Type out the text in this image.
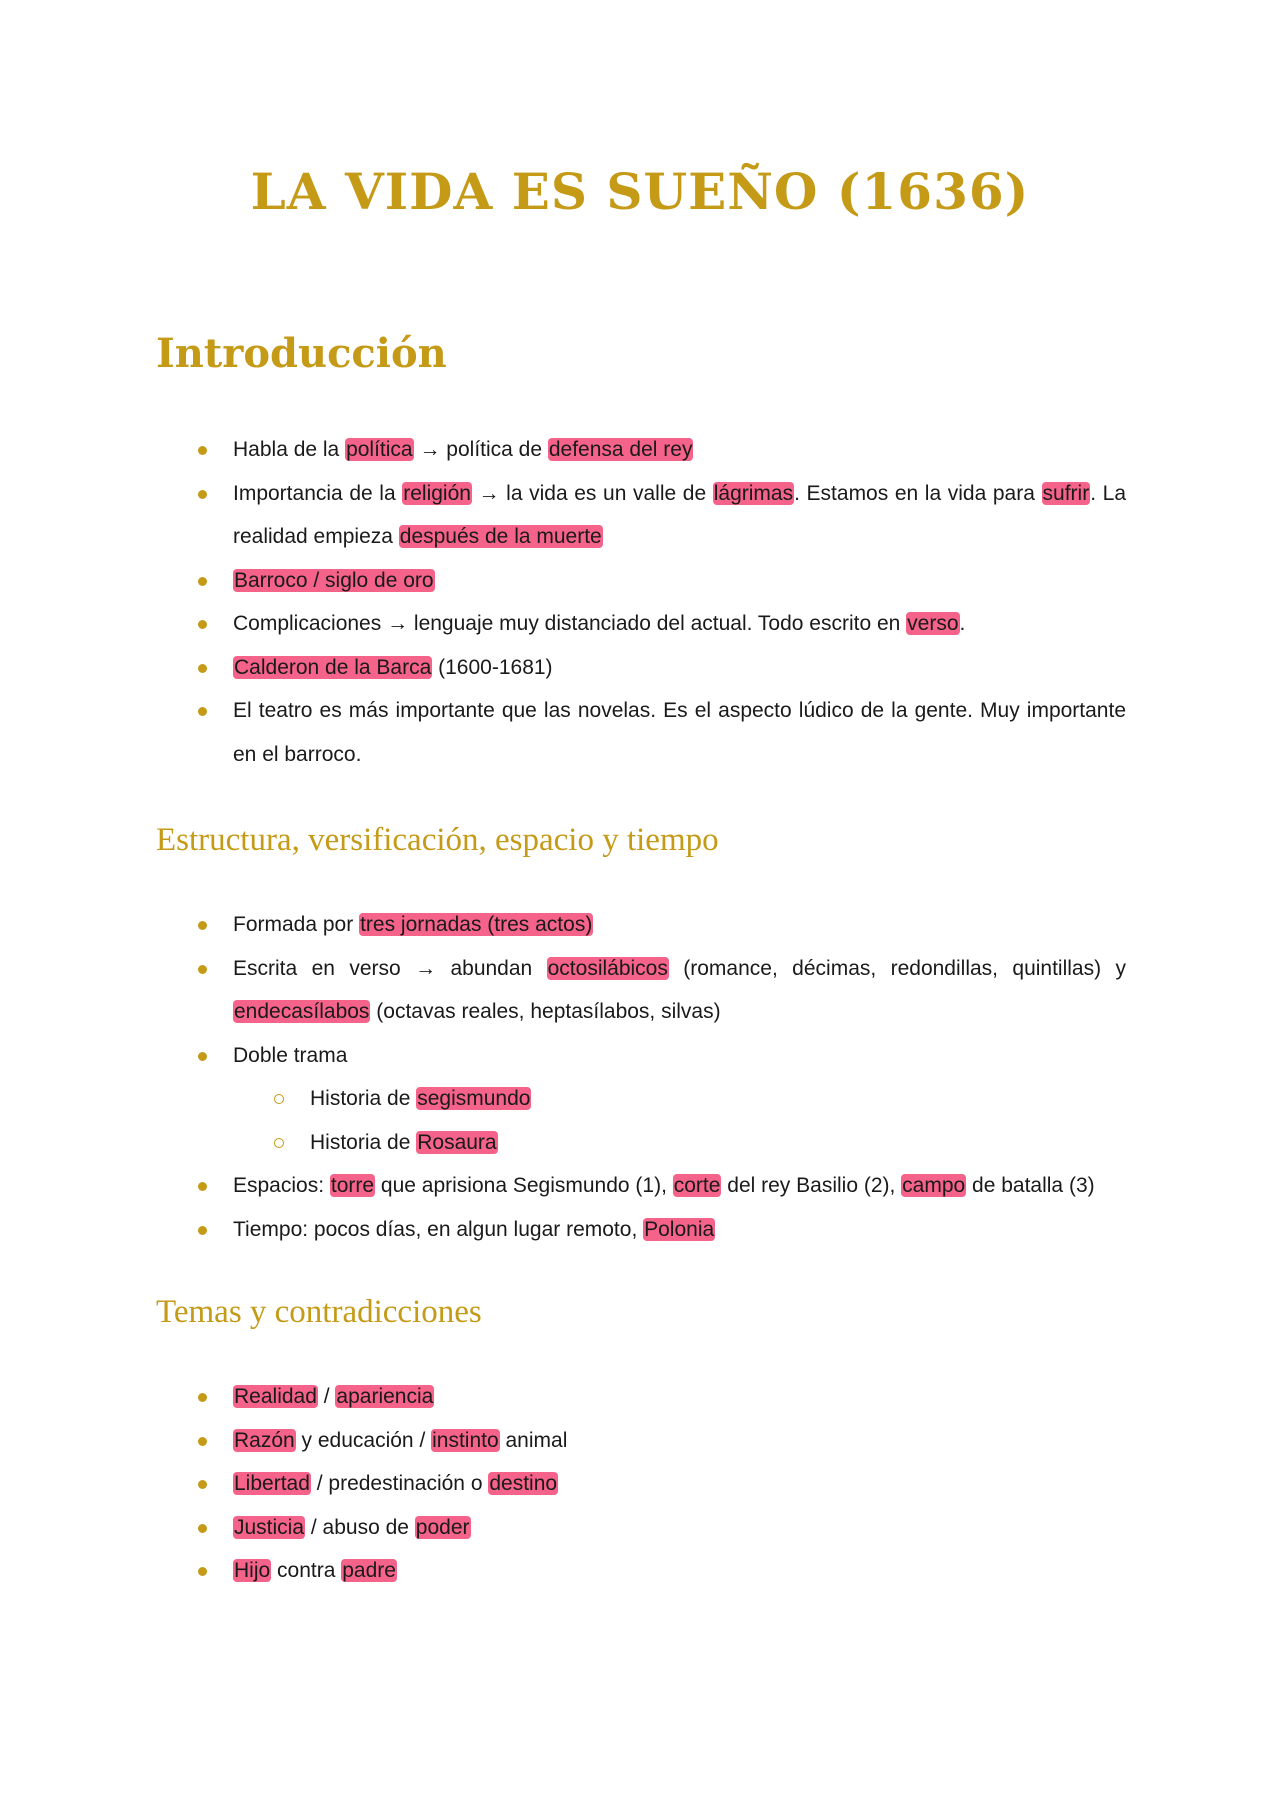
LA VIDA ES SUEÑO (1636)
Introducción
Habla de la política → política de defensa del rey
Importancia de la religión → la vida es un valle de lágrimas. Estamos en la vida para sufrir. La realidad empieza después de la muerte
Barroco / siglo de oro
Complicaciones → lenguaje muy distanciado del actual. Todo escrito en verso.
Calderon de la Barca (1600-1681)
El teatro es más importante que las novelas. Es el aspecto lúdico de la gente. Muy importante en el barroco.
Estructura, versificación, espacio y tiempo
Formada por tres jornadas (tres actos)
Escrita en verso → abundan octosilábicos (romance, décimas, redondillas, quintillas) y endecasílabos (octavas reales, heptasílabos, silvas)
Doble trama
Historia de segismundo
Historia de Rosaura
Espacios: torre que aprisiona Segismundo (1), corte del rey Basilio (2), campo de batalla (3)
Tiempo: pocos días, en algun lugar remoto, Polonia
Temas y contradicciones
Realidad / apariencia
Razón y educación / instinto animal
Libertad / predestinación o destino
Justicia / abuso de poder
Hijo contra padre
